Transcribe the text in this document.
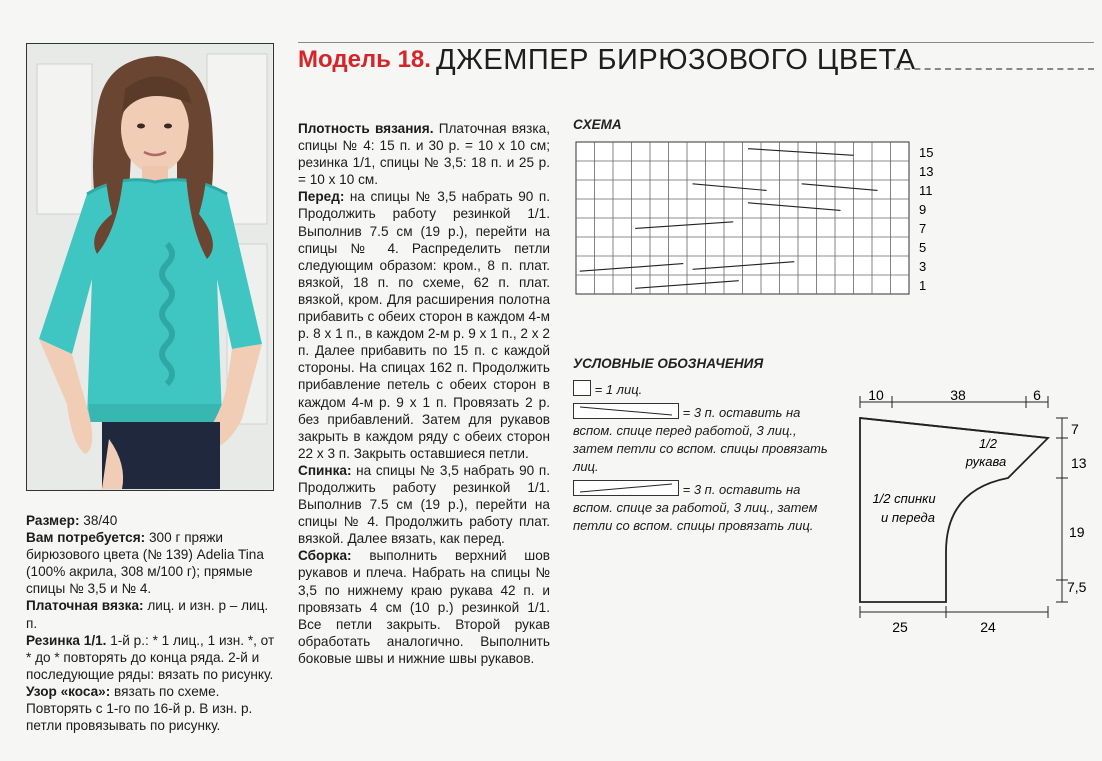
Модель 18. ДЖЕМПЕР БИРЮЗОВОГО ЦВЕТА

Размер: 38/40

Вам потребуется: 300 г пряжи бирюзового цвета (№ 139) Adelia Tina (100% акрила, 308 м/100 г); прямые спицы № 3,5 и № 4.

Платочная вязка: лиц. и изн. р – лиц. п.

Резинка 1/1. 1-й р.: * 1 лиц., 1 изн. *, от * до * повторять до конца ряда. 2-й и последующие ряды: вязать по рисунку.

Узор «коса»: вязать по схеме. Повторять с 1-го по 16-й р. В изн. р. петли провязывать по рисунку.

Плотность вязания. Платочная вязка, спицы № 4: 15 п. и 30 р. = 10 х 10 см; резинка 1/1, спицы № 3,5: 18 п. и 25 р. = 10 х 10 см.

Перед: на спицы № 3,5 набрать 90 п. Продолжить работу резинкой 1/1. Выполнив 7.5 см (19 р.), перейти на спицы № 4. Распределить петли следующим образом: кром., 8 п. плат. вязкой, 18 п. по схеме, 62 п. плат. вязкой, кром. Для расширения полотна прибавить с обеих сторон в каждом 4-м р. 8 х 1 п., в каждом 2-м р. 9 х 1 п., 2 х 2 п. Далее прибавить по 15 п. с каждой стороны. На спицах 162 п. Продолжить прибавление петель с обеих сторон в каждом 4-м р. 9 х 1 п. Провязать 2 р. без прибавлений. Затем для рукавов закрыть в каждом ряду с обеих сторон 22 х 3 п. Закрыть оставшиеся петли.

Спинка: на спицы № 3,5 набрать 90 п. Продолжить работу резинкой 1/1. Выполнив 7.5 см (19 р.), перейти на спицы № 4. Продолжить работу плат. вязкой. Далее вязать, как перед.

Сборка: выполнить верхний шов рукавов и плеча. Набрать на спицы № 3,5 по нижнему краю рукава 42 п. и провязать 4 см (10 р.) резинкой 1/1. Все петли закрыть. Второй рукав обработать аналогично. Выполнить боковые швы и нижние швы рукавов.

СХЕМА
15
13
11
9
7
5
3
1
УСЛОВНЫЕ ОБОЗНАЧЕНИЯ
= 1 лиц.
= 3 п. оставить на вспом. спице перед работой, 3 лиц., затем петли со вспом. спицы провязать лиц.
= 3 п. оставить на вспом. спице за работой, 3 лиц., затем петли со вспом. спицы провязать лиц.
10	38	6
7
13
19
7,5
25	24
1/2
рукава
1/2 спинки
и переда
